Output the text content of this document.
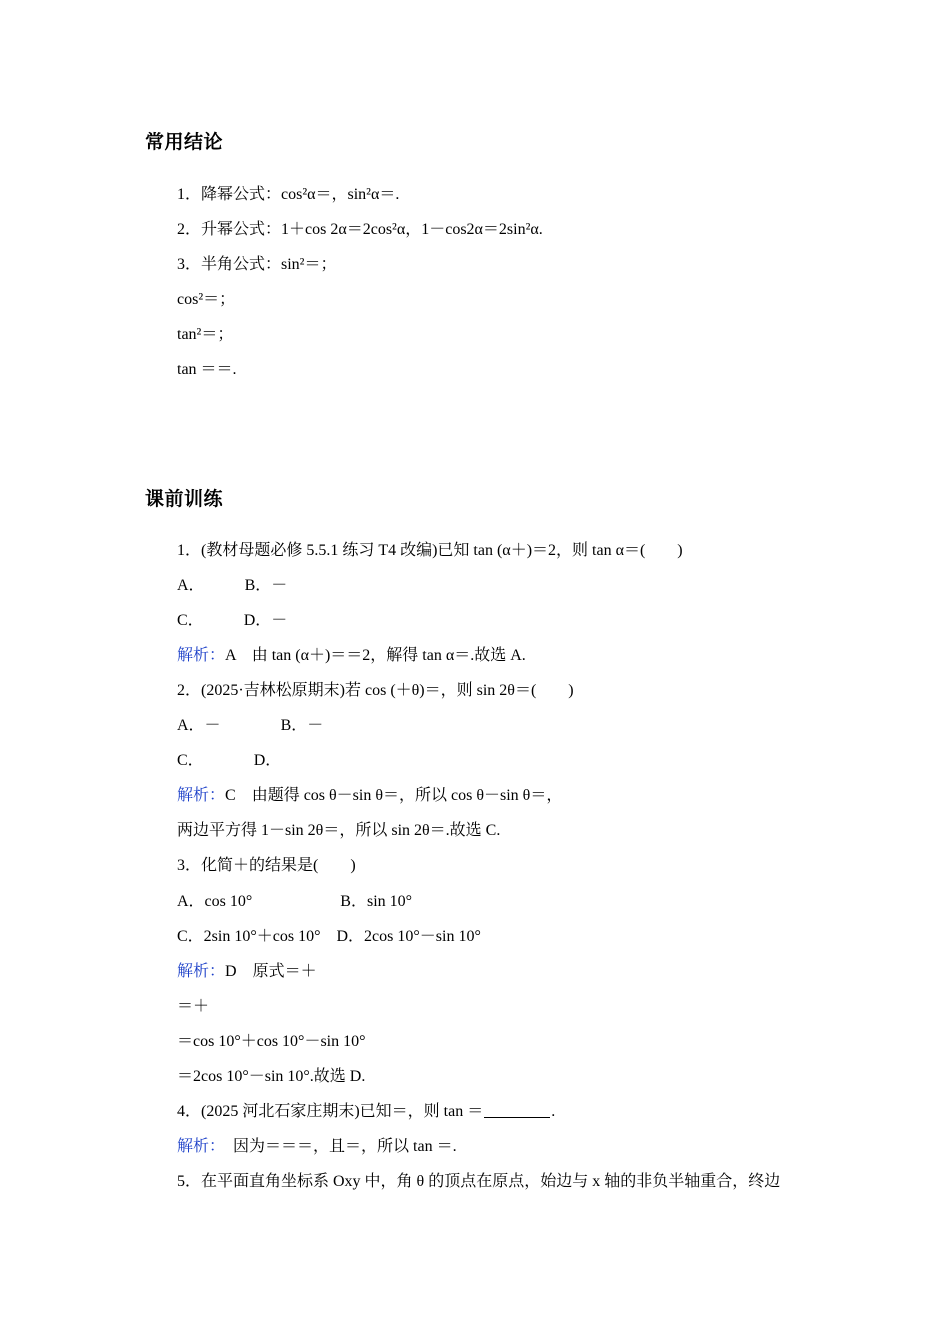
常用结论
1．降幂公式：cos²α＝，sin²α＝.
2．升幂公式：1＋cos 2α＝2cos²α，1－cos2α＝2sin²α.
3．半角公式：sin²＝；
cos²＝；
tan²＝；
tan ＝＝.
课前训练
1．(教材母题必修 5.5.1 练习 T4 改编)已知 tan (α＋)＝2，则 tan α＝(　　)
A．	B．－
C．	D．－
解析：A　由 tan (α＋)＝＝2，解得 tan α＝.故选 A.
2．(2025·吉林松原期末)若 cos (＋θ)＝，则 sin 2θ＝(　　)
A．－	B．－
C．	D．
解析：C　由题得 cos θ－sin θ＝，所以 cos θ－sin θ＝，
两边平方得 1－sin 2θ＝，所以 sin 2θ＝.故选 C.
3．化简＋的结果是(　　)
A．cos 10°	B．sin 10°
C．2sin 10°＋cos 10° D．2cos 10°－sin 10°
解析：D　原式＝＋
＝＋
＝cos 10°＋cos 10°－sin 10°
＝2cos 10°－sin 10°.故选 D.
4．(2025 河北石家庄期末)已知＝，则 tan ＝	.
解析：　因为＝＝＝，且＝，所以 tan ＝.
5．在平面直角坐标系 Oxy 中，角 θ 的顶点在原点，始边与 x 轴的非负半轴重合，终边
